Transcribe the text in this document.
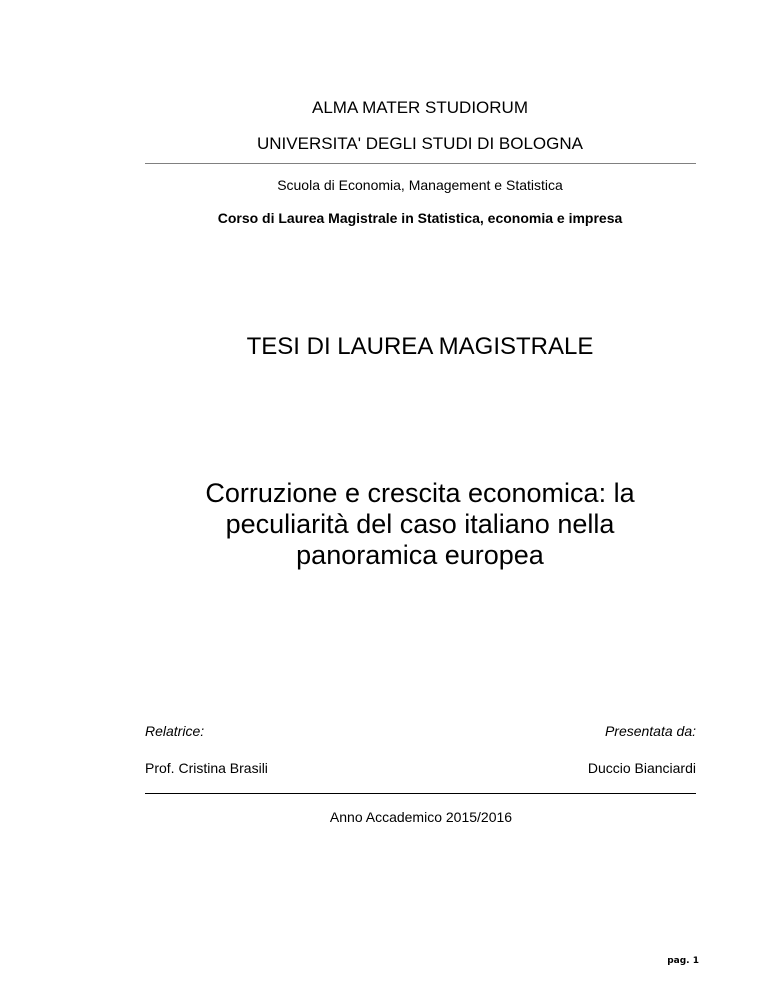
ALMA MATER STUDIORUM
UNIVERSITA' DEGLI STUDI DI BOLOGNA
Scuola di Economia, Management e Statistica
Corso di Laurea Magistrale in Statistica, economia e impresa
TESI DI LAUREA MAGISTRALE
Corruzione e crescita economica: la
peculiarità del caso italiano nella
panoramica europea
Relatrice:	Presentata da:
Prof. Cristina Brasili	Duccio Bianciardi
Anno Accademico 2015/2016
pag. 1
